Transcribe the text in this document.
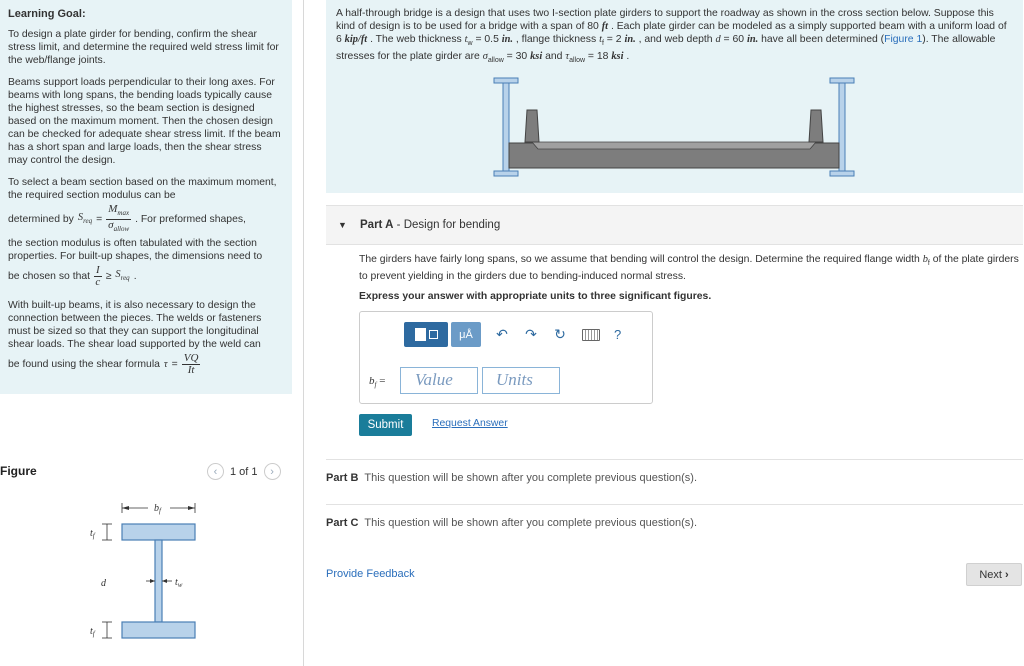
Learning Goal:

To design a plate girder for bending, confirm the shear stress limit, and determine the required weld stress limit for the web/flange joints.

Beams support loads perpendicular to their long axes. For beams with long spans, the bending loads typically cause the highest stresses, so the beam section is designed based on the maximum moment. Then the chosen design can be checked for adequate shear stress limit. If the beam has a short span and large loads, then the shear stress may control the design.

To select a beam section based on the maximum moment, the required section modulus can be
determined by $S_{req} = \frac{M_{max}}{\sigma_{allow}}$ . For preformed shapes,
the section modulus is often tabulated with the section properties. For built-up shapes, the dimensions need to
be chosen so that $\frac{I}{c} \ge S_{req}$ .
With built-up beams, it is also necessary to design the connection between the pieces. The welds or fasteners must be sized so that they can support the longitudinal shear loads. The shear load supported by the weld can
be found using the shear formula $\tau = \frac{VQ}{It}$
Figure	‹	1 of 1	›
$b_f$
$t_f$
d
$t_f$
$t_w$
A half-through bridge is a design that uses two I-section plate girders to support the roadway as shown in the cross section below. Suppose this kind of design is to be used for a bridge with a span of 80 ft . Each plate girder can be modeled as a simply supported beam with a uniform load of 6 kip/ft . The web thickness $t_w = 0.5$ in. , flange thickness $t_f = 2$ in. , and web depth d = 60 in. have all been determined (Figure 1). The allowable stresses for the plate girder are $\sigma_{allow} = 30$ ksi and $\tau_{allow} = 18$ ksi .
▼ Part A - Design for bending
The girders have fairly long spans, so we assume that bending will control the design. Determine the required flange width $b_f$ of the plate girders to prevent yielding in the girders due to bending-induced normal stress.
Express your answer with appropriate units to three significant figures.
μÅ	↶ ↷ ↻	?
$b_f$ =	Value	Units
Submit	Request Answer
Part B This question will be shown after you complete previous question(s).
Part C This question will be shown after you complete previous question(s).
Provide Feedback	Next ›
